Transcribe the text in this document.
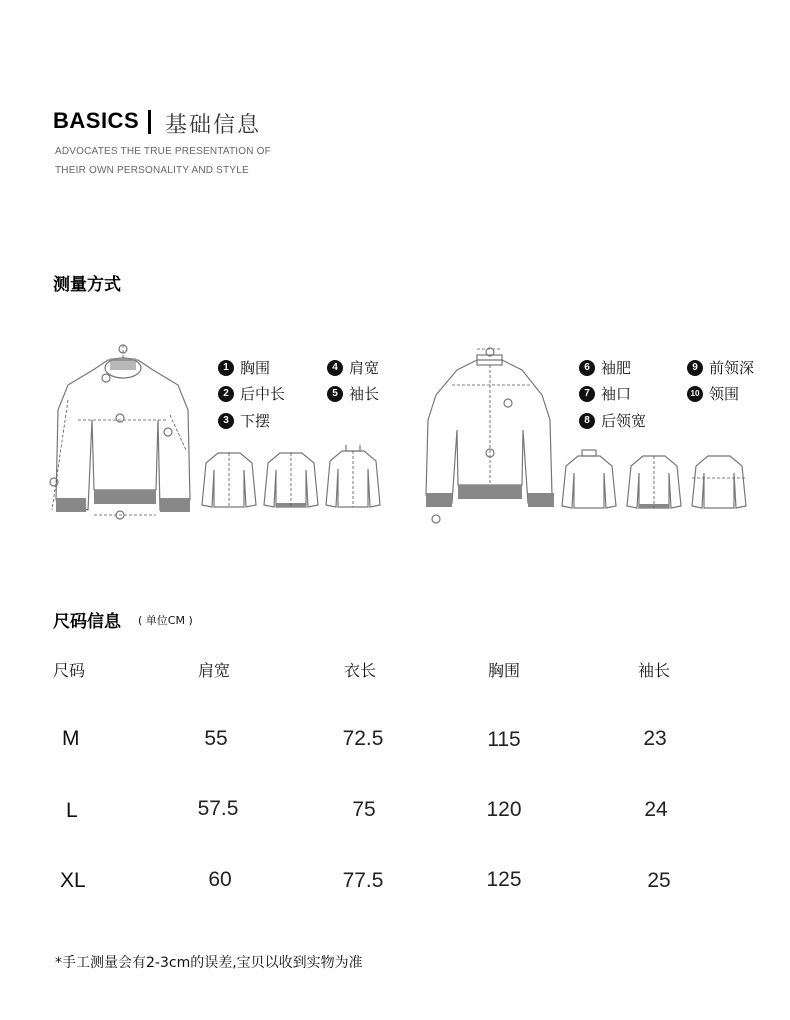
BASICS 基础信息
ADVOCATES THE TRUE PRESENTATION OF
THEIR OWN PERSONALITY AND STYLE
测量方式
1 胸围
2 后中长
3 下摆
4 肩宽
5 袖长
6 袖肥
7 袖口
8 后领宽
9 前领深
10 领围
尺码信息 ( 单位CM )
尺码	肩宽	衣长	胸围	袖长
M	55	72.5	115	23
L	57.5	75	120	24
XL	60	77.5	125	25
*手工测量会有2-3cm的误差,宝贝以收到实物为准
